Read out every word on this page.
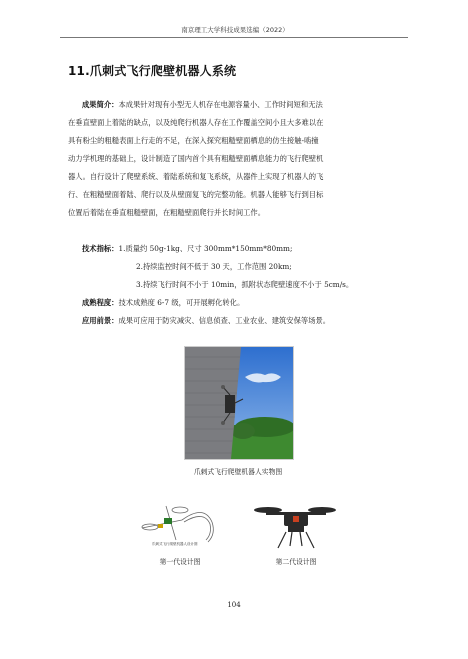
南京理工大学科技成果选编（2022）
11.爪刺式飞行爬壁机器人系统
成果简介：本成果针对现有小型无人机存在电源容量小、工作时间短和无法
在垂直壁面上着陆的缺点，以及纯爬行机器人存在工作覆盖空间小且大多难以在
具有粉尘的粗糙表面上行走的不足，在深入探究粗糙壁面栖息的仿生接触-啮撞
动力学机理的基础上，设计制造了国内首个具有粗糙壁面栖息能力的飞行爬壁机
器人。自行设计了爬壁系统、着陆系统和复飞系统，从器件上实现了机器人的飞
行、在粗糙壁面着陆、爬行以及从壁面复飞的完整功能。机器人能够飞行到目标
位置后着陆在垂直粗糙壁面，在粗糙壁面爬行并长时间工作。
技术指标：1.质量约 50g-1kg、尺寸 300mm*150mm*80mm;
2.持续监控时间不低于 30 天，工作范围 20km;
3.持续飞行时间不小于 10min，抓附状态爬壁速度不小于 5cm/s。
成熟程度：技术成熟度 6-7 级，可开展孵化转化。
应用前景：成果可应用于防灾减灾、信息侦查、工业农业、建筑安保等场景。
爪刺式飞行爬壁机器人实物图
爪刺式飞行爬壁机器人设计图
第一代设计图	第二代设计图
104
